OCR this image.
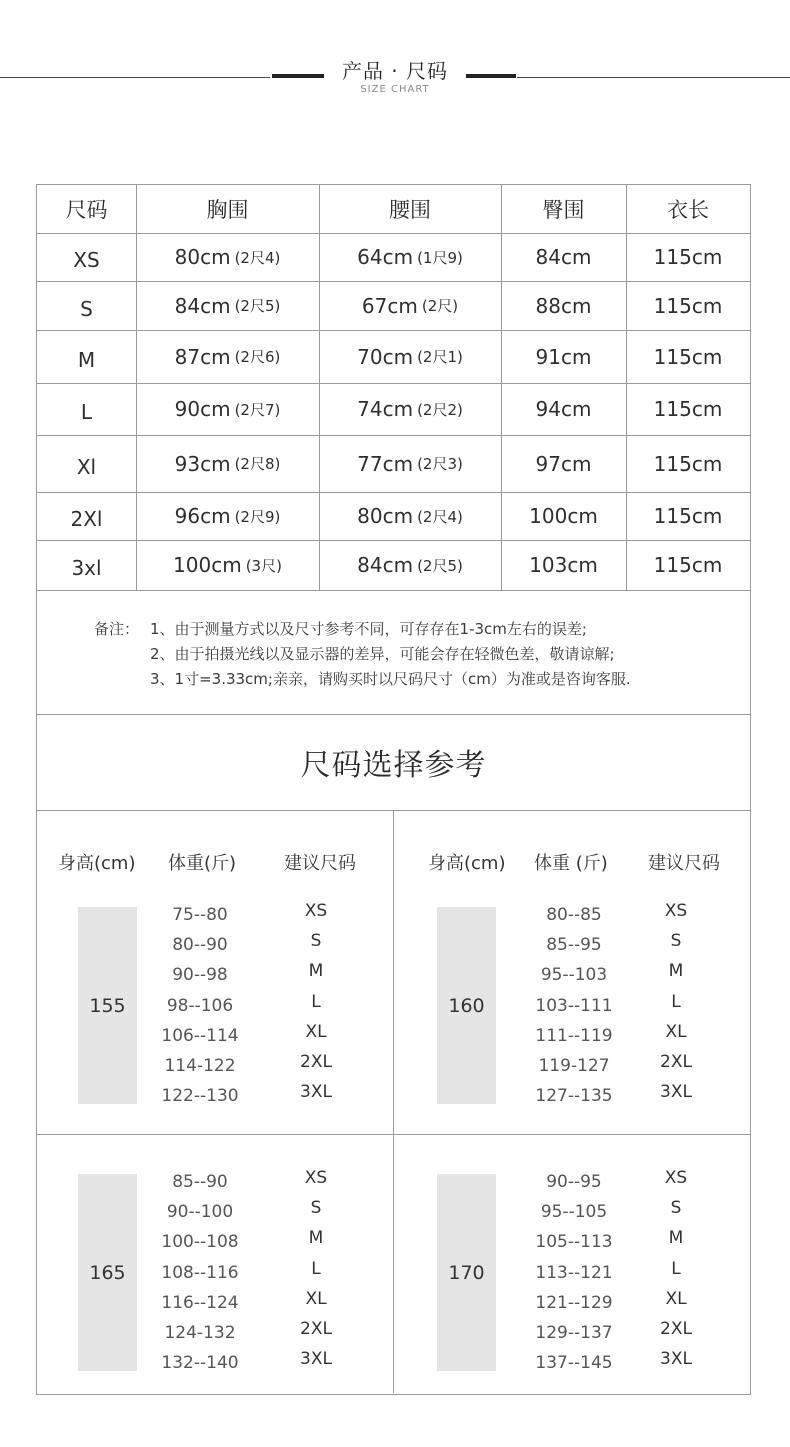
产品 · 尺码
SIZE CHART
尺码	胸围	腰围	臀围	衣长
XS	80cm (2尺4)	64cm (1尺9)	84cm	115cm
S	84cm (2尺5)	67cm (2尺)	88cm	115cm
M	87cm (2尺6)	70cm (2尺1)	91cm	115cm
L	90cm (2尺7)	74cm (2尺2)	94cm	115cm
Xl	93cm (2尺8)	77cm (2尺3)	97cm	115cm
2Xl	96cm (2尺9)	80cm (2尺4)	100cm	115cm
3xl	100cm (3尺)	84cm (2尺5)	103cm	115cm
备注： 1、由于测量方式以及尺寸参考不同，可存存在1-3cm左右的误差;
2、由于拍摄光线以及显示器的差异，可能会存在轻微色差，敬请谅解;
3、1寸=3.33cm;亲亲，请购买时以尺码尺寸（cm）为准或是咨询客服.
尺码选择参考
身高(cm) 体重(斤)	建议尺码	身高(cm) 体重 (斤) 建议尺码
155
75--80	XS
80--90	S
90--98	M
98--106	L
106--114	XL
114-122	2XL
122--130	3XL
160
80--85	XS
85--95	S
95--103	M
103--111	L
111--119	XL
119-127	2XL
127--135	3XL
165
85--90	XS
90--100	S
100--108	M
108--116	L
116--124	XL
124-132	2XL
132--140	3XL
170
90--95	XS
95--105	S
105--113	M
113--121	L
121--129	XL
129--137	2XL
137--145	3XL
